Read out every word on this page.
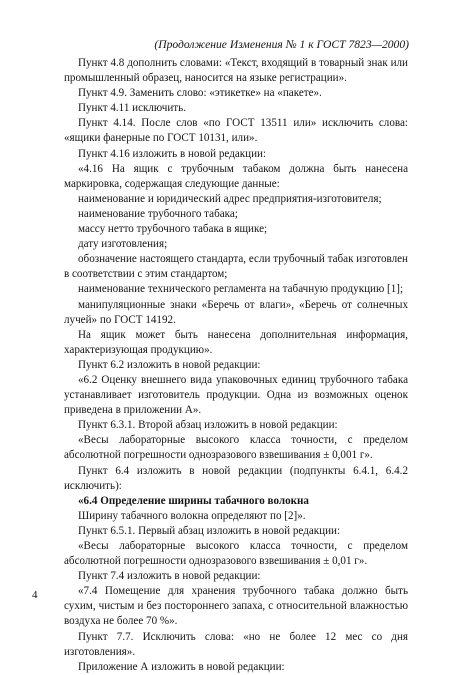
(Продолжение Изменения № 1 к ГОСТ 7823—2000)

Пункт 4.8 дополнить словами: «Текст, входящий в товарный знак или промышленный образец, наносится на языке регистрации».

Пункт 4.9. Заменить слово: «этикетке» на «пакете».

Пункт 4.11 исключить.

Пункт 4.14. После слов «по ГОСТ 13511 или» исключить слова: «ящики фанерные по ГОСТ 10131, или».

Пункт 4.16 изложить в новой редакции:

«4.16 На ящик с трубочным табаком должна быть нанесена маркировка, содержащая следующие данные:

наименование и юридический адрес предприятия-изготовителя;

наименование трубочного табака;

массу нетто трубочного табака в ящике;

дату изготовления;

обозначение настоящего стандарта, если трубочный табак изготовлен в соответствии с этим стандартом;

наименование технического регламента на табачную продукцию [1];

манипуляционные знаки «Беречь от влаги», «Беречь от солнечных лучей» по ГОСТ 14192.

На ящик может быть нанесена дополнительная информация, характеризующая продукцию».

Пункт 6.2 изложить в новой редакции:

«6.2 Оценку внешнего вида упаковочных единиц трубочного табака устанавливает изготовитель продукции. Одна из возможных оценок приведена в приложении А».

Пункт 6.3.1. Второй абзац изложить в новой редакции:

«Весы лабораторные высокого класса точности, с пределом абсолютной погрешности однозразового взвешивания ± 0,001 г».

Пункт 6.4 изложить в новой редакции (подпункты 6.4.1, 6.4.2 исключить):

«6.4 Определение ширины табачного волокна

Ширину табачного волокна определяют по [2]».

Пункт 6.5.1. Первый абзац изложить в новой редакции:

«Весы лабораторные высокого класса точности, с пределом абсолютной погрешности однозразового взвешивания ± 0,01 г».

Пункт 7.4 изложить в новой редакции:

«7.4 Помещение для хранения трубочного табака должно быть сухим, чистым и без постороннего запаха, с относительной влажностью воздуха не более 70 %».

Пункт 7.7. Исключить слова: «но не более 12 мес со дня изготовления».

Приложение А изложить в новой редакции:

4
